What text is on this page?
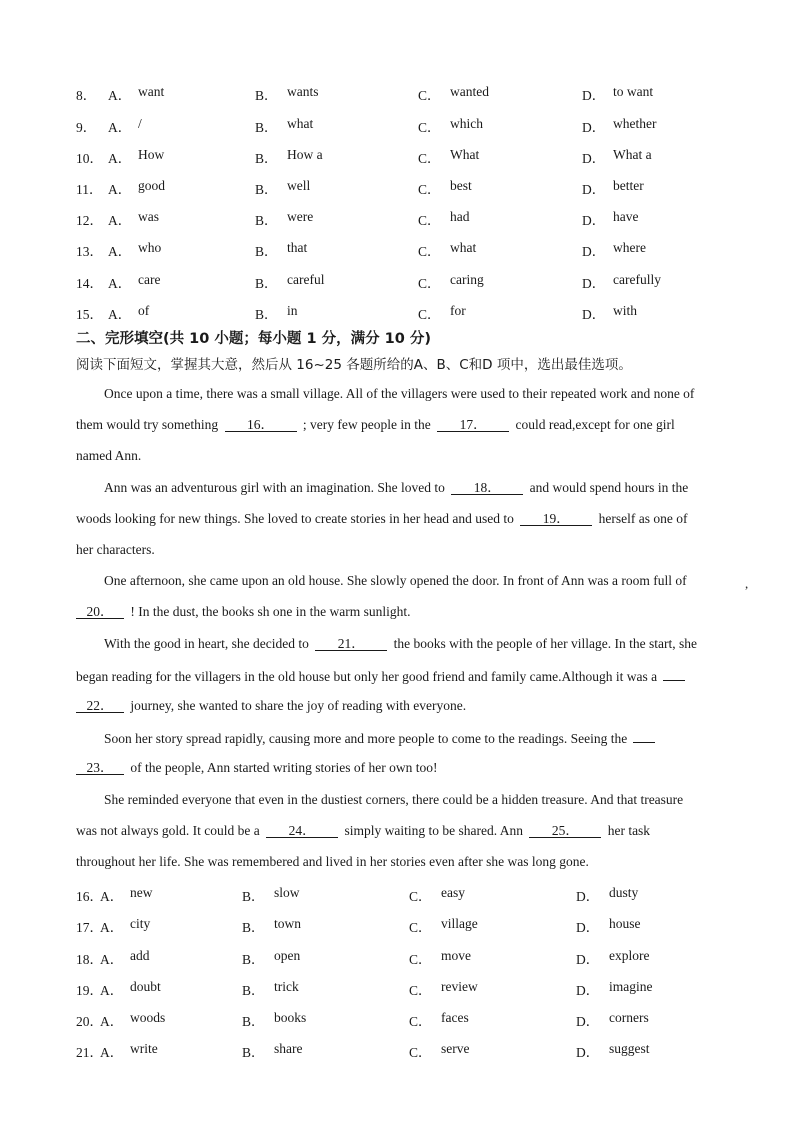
8． A． want	B． wants	C． wanted	D． to want
9． A． /	B． what	C． which	D． whether
10． A． How	B． How a	C． What	D． What a
11． A． good	B． well	C． best	D． better
12． A． was	B． were	C． had	D． have
13． A． who	B． that	C． what	D． where
14． A． care	B． careful	C． caring	D． carefully
15． A． of	B． in	C． for	D． with
二、完形填空(共 10 小题；每小题 1 分，满分 10 分)
阅读下面短文，掌握其大意，然后从 16~25 各题所给的A、B、C和D 项中，选出最佳选项。
Once upon a time, there was a small village. All of the villagers were used to their repeated work and none of
them would try something 16． ; very few people in the 17． could read,except for one girl
named Ann.
Ann was an adventurous girl with an imagination. She loved to 18． and would spend hours in the
woods looking for new things. She loved to create stories in her head and used to 19． herself as one of
her characters.
One afternoon, she came upon an old house. She slowly opened the door. In front of Ann was a room full of	,
20． ! In the dust, the books sh one in the warm sunlight.
With the good in heart, she decided to 21． the books with the people of her village. In the start, she
began reading for the villagers in the old house but only her good friend and family came.Although it was a
22． journey, she wanted to share the joy of reading with everyone.
Soon her story spread rapidly, causing more and more people to come to the readings. Seeing the
23． of the people, Ann started writing stories of her own too!
She reminded everyone that even in the dustiest corners, there could be a hidden treasure. And that treasure
was not always gold. It could be a 24． simply waiting to be shared. Ann 25． her task
throughout her life. She was remembered and lived in her stories even after she was long gone.
16．
A． new	B． slow	C． easy	D． dusty
17．
A． city	B． town	C． village	D． house
18．
A． add	B． open	C． move	D． explore
19．
A． doubt	B． trick	C． review	D． imagine
20．
A． woods	B． books	C． faces	D． corners
21．
A． write	B． share	C． serve	D． suggest
